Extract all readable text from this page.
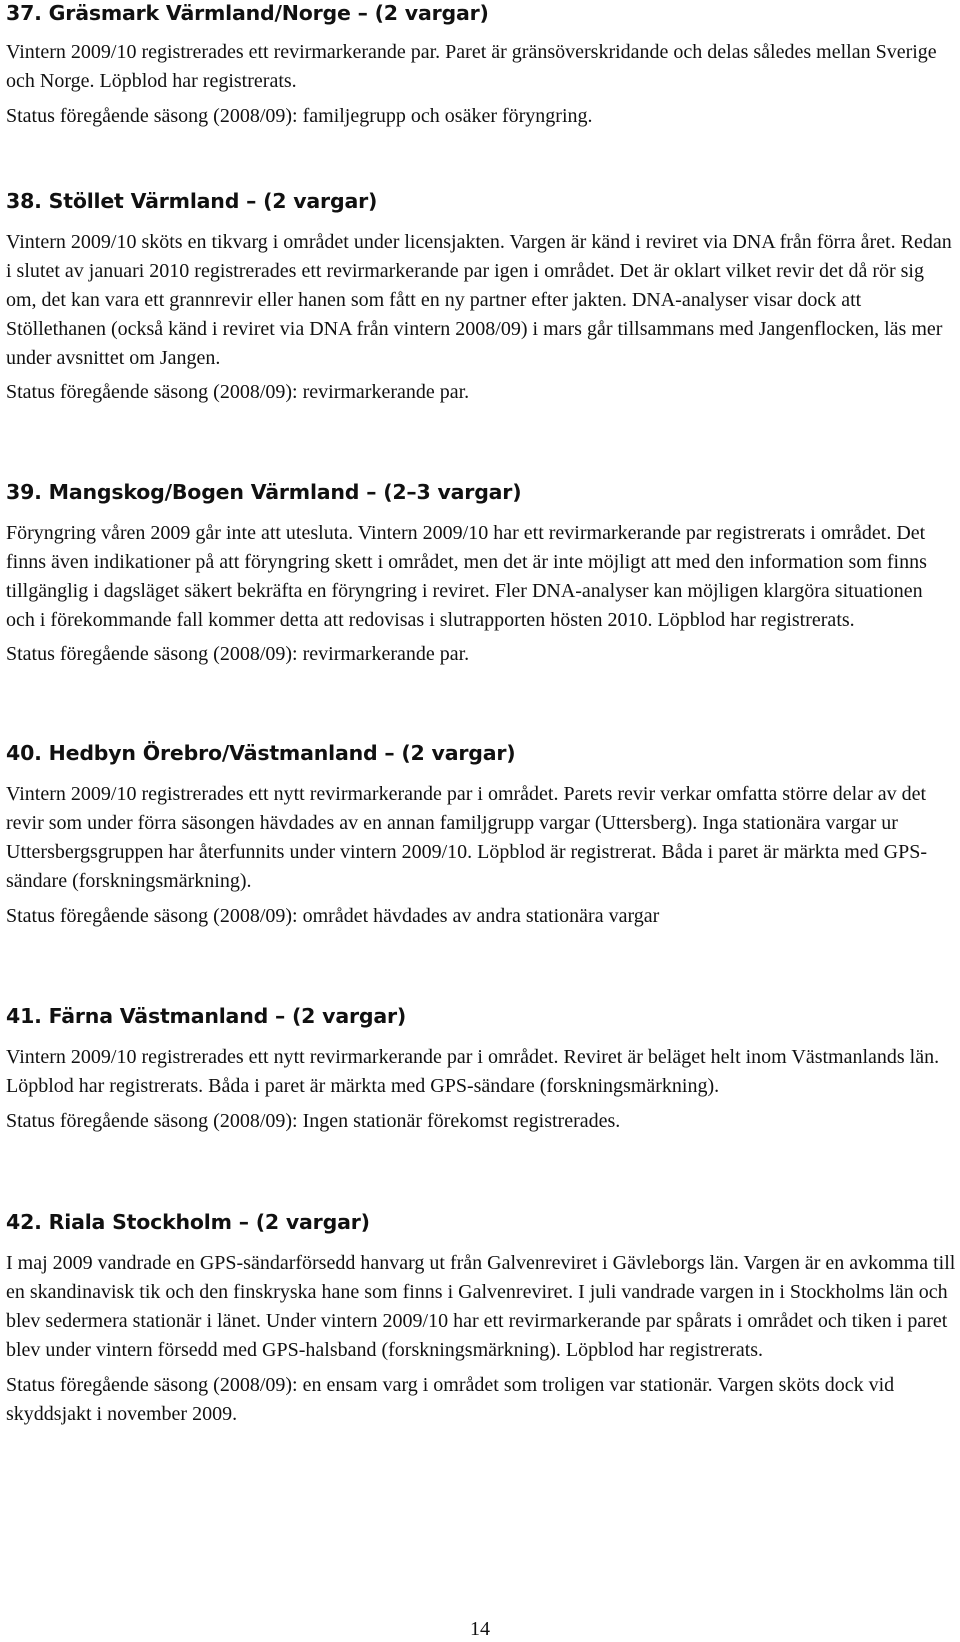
37. Gräsmark Värmland/Norge – (2 vargar)

Vintern 2009/10 registrerades ett revirmarkerande par. Paret är gränsöverskridande och delas således mellan Sverige och Norge. Löpblod har registrerats.

Status föregående säsong (2008/09): familjegrupp och osäker föryngring.

38. Stöllet Värmland – (2 vargar)

Vintern 2009/10 sköts en tikvarg i området under licensjakten. Vargen är känd i reviret via DNA från förra året. Redan i slutet av januari 2010 registrerades ett revirmarkerande par igen i området. Det är oklart vilket revir det då rör sig om, det kan vara ett grannrevir eller hanen som fått en ny partner efter jakten. DNA-analyser visar dock att Stöllethanen (också känd i reviret via DNA från vintern 2008/09) i mars går tillsammans med Jangenflocken, läs mer under avsnittet om Jangen.

Status föregående säsong (2008/09): revirmarkerande par.

39. Mangskog/Bogen Värmland – (2–3 vargar)

Föryngring våren 2009 går inte att utesluta. Vintern 2009/10 har ett revirmarkerande par registrerats i området. Det finns även indikationer på att föryngring skett i området, men det är inte möjligt att med den information som finns tillgänglig i dagsläget säkert bekräfta en föryngring i reviret. Fler DNA-analyser kan möjligen klargöra situationen och i förekommande fall kommer detta att redovisas i slutrapporten hösten 2010. Löpblod har registrerats.

Status föregående säsong (2008/09): revirmarkerande par.

40. Hedbyn Örebro/Västmanland – (2 vargar)

Vintern 2009/10 registrerades ett nytt revirmarkerande par i området. Parets revir verkar omfatta större delar av det revir som under förra säsongen hävdades av en annan familjgrupp vargar (Uttersberg). Inga stationära vargar ur Uttersbergsgruppen har återfunnits under vintern 2009/10. Löpblod är registrerat. Båda i paret är märkta med GPS-sändare (forskningsmärkning).

Status föregående säsong (2008/09): området hävdades av andra stationära vargar

41. Färna Västmanland – (2 vargar)

Vintern 2009/10 registrerades ett nytt revirmarkerande par i området. Reviret är beläget helt inom Västmanlands län. Löpblod har registrerats. Båda i paret är märkta med GPS-sändare (forskningsmärkning).

Status föregående säsong (2008/09): Ingen stationär förekomst registrerades.

42. Riala Stockholm – (2 vargar)

I maj 2009 vandrade en GPS-sändarförsedd hanvarg ut från Galvenreviret i Gävleborgs län. Vargen är en avkomma till en skandinavisk tik och den finskryska hane som finns i Galvenreviret. I juli vandrade vargen in i Stockholms län och blev sedermera stationär i länet. Under vintern 2009/10 har ett revirmarkerande par spårats i området och tiken i paret blev under vintern försedd med GPS-halsband (forskningsmärkning). Löpblod har registrerats.

Status föregående säsong (2008/09): en ensam varg i området som troligen var stationär. Vargen sköts dock vid skyddsjakt i november 2009.

14
